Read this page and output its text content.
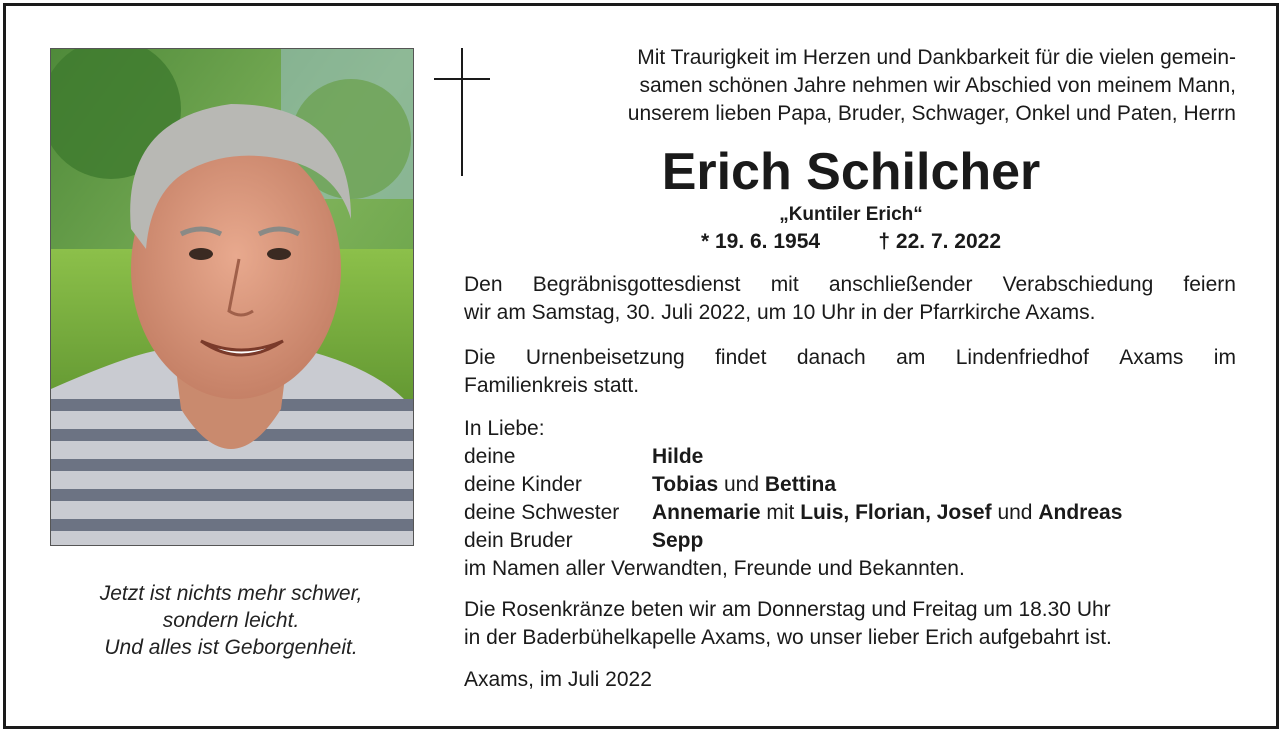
Jetzt ist nichts mehr schwer,
sondern leicht.
Und alles ist Geborgenheit.
Mit Traurigkeit im Herzen und Dankbarkeit für die vielen gemein-
samen schönen Jahre nehmen wir Abschied von meinem Mann,
unserem lieben Papa, Bruder, Schwager, Onkel und Paten, Herrn
Erich Schilcher
„Kuntiler Erich“
* 19. 6. 1954	† 22. 7. 2022
Den Begräbnisgottesdienst mit anschließender Verabschiedung feiern
wir am Samstag, 30. Juli 2022, um 10 Uhr in der Pfarrkirche Axams.
Die Urnenbeisetzung findet danach am Lindenfriedhof Axams im
Familienkreis statt.
In Liebe:
deine	Hilde
deine Kinder	Tobias und Bettina
deine Schwester	Annemarie mit Luis, Florian, Josef und Andreas
dein Bruder	Sepp
im Namen aller Verwandten, Freunde und Bekannten.
Die Rosenkränze beten wir am Donnerstag und Freitag um 18.30 Uhr
in der Baderbühelkapelle Axams, wo unser lieber Erich aufgebahrt ist.
Axams, im Juli 2022
